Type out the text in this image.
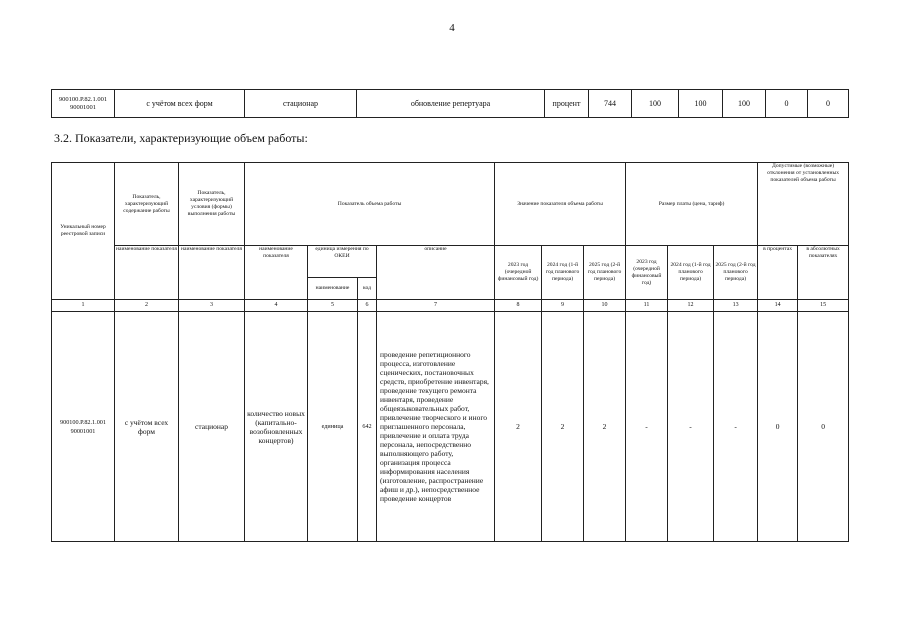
4
900100.Р.82.1.001
90001001	с учётом всех форм	стационар	обновление репертуара	процент	744	100	100	100	0	0
3.2. Показатели, характеризующие объем работы:
Уникальный номер реестровой записи	Показатель, характеризующий содержание работы	Показатель, характеризующий условия (формы) выполнения работы	Показатель объема работы				Значение показателя объема работы			Размер платы (цена, тариф)			Допустимые (возможные) отклонения от установленных показателей объема работы	
	наименование показателя	наименование показателя	наименование показателя	единица измерения по ОКЕИ		описание	2023 год (очередной финансовый год)	2024 год (1-й год планового периода)	2025 год (2-й год планового периода)	2023 год (очередной финансовый год)	2024 год (1-й год планового периода)	2025 год (2-й год планового периода)	в процентах	в абсолютных показателях
				наименование	код									
1	2	3	4	5	6	7	8	9	10	11	12	13	14	15
900100.Р.82.1.001
90001001	с учётом всех форм	стационар	количество новых (капитально-возобновленных концертов)	единица	642	проведение репетиционного процесса, изготовление сценических, постановочных средств, приобретение инвентаря, проведение текущего ремонта инвентаря, проведение общеязыковательных работ, привлечение творческого и иного приглашенного персонала, привлечение и оплата труда персонала, непосредственно выполняющего работу, организация процесса информирования населения (изготовление, распространение афиш и др.), непосредственное проведение концертов	2	2	2	-	-	-	0	0
